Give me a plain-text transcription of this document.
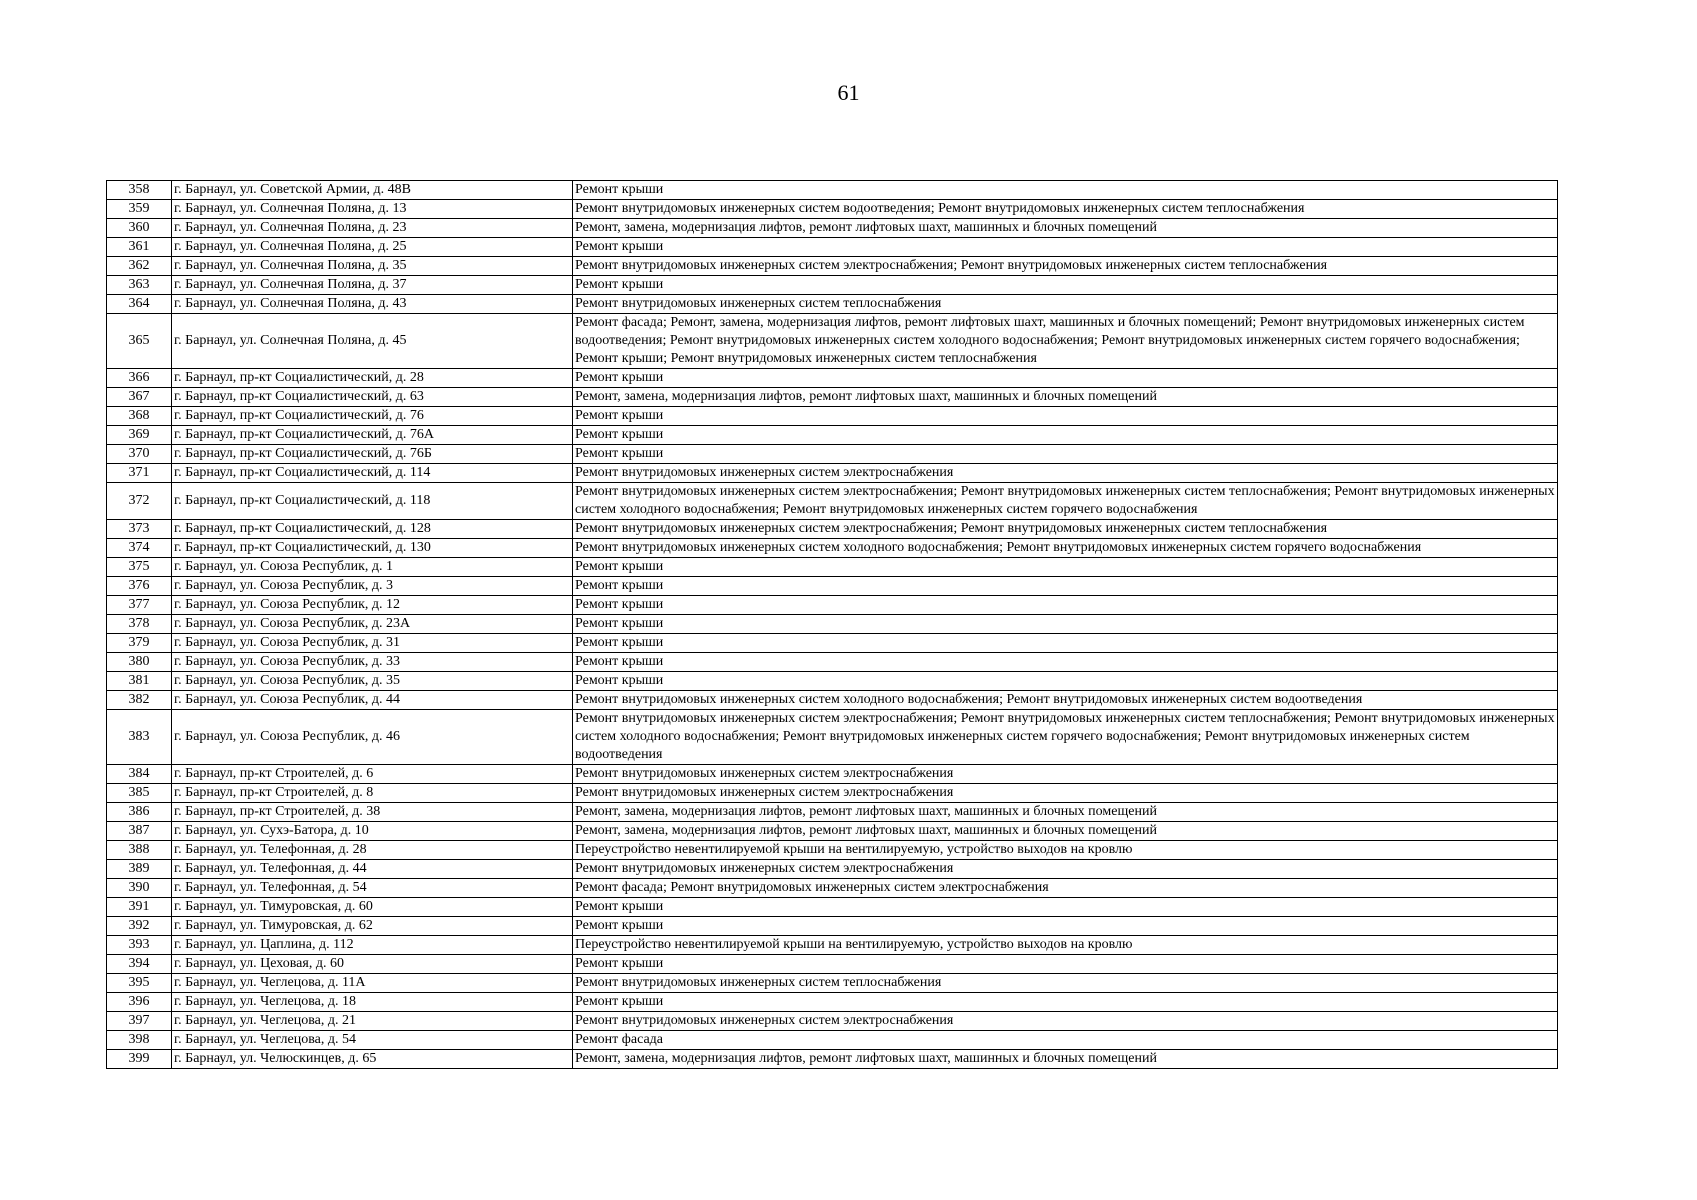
61
358	г. Барнаул, ул. Советской Армии, д. 48В	Ремонт крыши
359	г. Барнаул, ул. Солнечная Поляна, д. 13	Ремонт внутридомовых инженерных систем водоотведения; Ремонт внутридомовых инженерных систем теплоснабжения
360	г. Барнаул, ул. Солнечная Поляна, д. 23	Ремонт, замена, модернизация лифтов, ремонт лифтовых шахт, машинных и блочных помещений
361	г. Барнаул, ул. Солнечная Поляна, д. 25	Ремонт крыши
362	г. Барнаул, ул. Солнечная Поляна, д. 35	Ремонт внутридомовых инженерных систем электроснабжения; Ремонт внутридомовых инженерных систем теплоснабжения
363	г. Барнаул, ул. Солнечная Поляна, д. 37	Ремонт крыши
364	г. Барнаул, ул. Солнечная Поляна, д. 43	Ремонт внутридомовых инженерных систем теплоснабжения
365	г. Барнаул, ул. Солнечная Поляна, д. 45	Ремонт фасада; Ремонт, замена, модернизация лифтов, ремонт лифтовых шахт, машинных и блочных помещений; Ремонт внутридомовых инженерных систем водоотведения; Ремонт внутридомовых инженерных систем холодного водоснабжения; Ремонт внутридомовых инженерных систем горячего водоснабжения; Ремонт крыши; Ремонт внутридомовых инженерных систем теплоснабжения
366	г. Барнаул, пр-кт Социалистический, д. 28	Ремонт крыши
367	г. Барнаул, пр-кт Социалистический, д. 63	Ремонт, замена, модернизация лифтов, ремонт лифтовых шахт, машинных и блочных помещений
368	г. Барнаул, пр-кт Социалистический, д. 76	Ремонт крыши
369	г. Барнаул, пр-кт Социалистический, д. 76А	Ремонт крыши
370	г. Барнаул, пр-кт Социалистический, д. 76Б	Ремонт крыши
371	г. Барнаул, пр-кт Социалистический, д. 114	Ремонт внутридомовых инженерных систем электроснабжения
372	г. Барнаул, пр-кт Социалистический, д. 118	Ремонт внутридомовых инженерных систем электроснабжения; Ремонт внутридомовых инженерных систем теплоснабжения; Ремонт внутридомовых инженерных систем холодного водоснабжения; Ремонт внутридомовых инженерных систем горячего водоснабжения
373	г. Барнаул, пр-кт Социалистический, д. 128	Ремонт внутридомовых инженерных систем электроснабжения; Ремонт внутридомовых инженерных систем теплоснабжения
374	г. Барнаул, пр-кт Социалистический, д. 130	Ремонт внутридомовых инженерных систем холодного водоснабжения; Ремонт внутридомовых инженерных систем горячего водоснабжения
375	г. Барнаул, ул. Союза Республик, д. 1	Ремонт крыши
376	г. Барнаул, ул. Союза Республик, д. 3	Ремонт крыши
377	г. Барнаул, ул. Союза Республик, д. 12	Ремонт крыши
378	г. Барнаул, ул. Союза Республик, д. 23А	Ремонт крыши
379	г. Барнаул, ул. Союза Республик, д. 31	Ремонт крыши
380	г. Барнаул, ул. Союза Республик, д. 33	Ремонт крыши
381	г. Барнаул, ул. Союза Республик, д. 35	Ремонт крыши
382	г. Барнаул, ул. Союза Республик, д. 44	Ремонт внутридомовых инженерных систем холодного водоснабжения; Ремонт внутридомовых инженерных систем водоотведения
383	г. Барнаул, ул. Союза Республик, д. 46	Ремонт внутридомовых инженерных систем электроснабжения; Ремонт внутридомовых инженерных систем теплоснабжения; Ремонт внутридомовых инженерных систем холодного водоснабжения; Ремонт внутридомовых инженерных систем горячего водоснабжения; Ремонт внутридомовых инженерных систем водоотведения
384	г. Барнаул, пр-кт Строителей, д. 6	Ремонт внутридомовых инженерных систем электроснабжения
385	г. Барнаул, пр-кт Строителей, д. 8	Ремонт внутридомовых инженерных систем электроснабжения
386	г. Барнаул, пр-кт Строителей, д. 38	Ремонт, замена, модернизация лифтов, ремонт лифтовых шахт, машинных и блочных помещений
387	г. Барнаул, ул. Сухэ-Батора, д. 10	Ремонт, замена, модернизация лифтов, ремонт лифтовых шахт, машинных и блочных помещений
388	г. Барнаул, ул. Телефонная, д. 28	Переустройство невентилируемой крыши на вентилируемую, устройство выходов на кровлю
389	г. Барнаул, ул. Телефонная, д. 44	Ремонт внутридомовых инженерных систем электроснабжения
390	г. Барнаул, ул. Телефонная, д. 54	Ремонт фасада; Ремонт внутридомовых инженерных систем электроснабжения
391	г. Барнаул, ул. Тимуровская, д. 60	Ремонт крыши
392	г. Барнаул, ул. Тимуровская, д. 62	Ремонт крыши
393	г. Барнаул, ул. Цаплина, д. 112	Переустройство невентилируемой крыши на вентилируемую, устройство выходов на кровлю
394	г. Барнаул, ул. Цеховая, д. 60	Ремонт крыши
395	г. Барнаул, ул. Чеглецова, д. 11А	Ремонт внутридомовых инженерных систем теплоснабжения
396	г. Барнаул, ул. Чеглецова, д. 18	Ремонт крыши
397	г. Барнаул, ул. Чеглецова, д. 21	Ремонт внутридомовых инженерных систем электроснабжения
398	г. Барнаул, ул. Чеглецова, д. 54	Ремонт фасада
399	г. Барнаул, ул. Челюскинцев, д. 65	Ремонт, замена, модернизация лифтов, ремонт лифтовых шахт, машинных и блочных помещений
